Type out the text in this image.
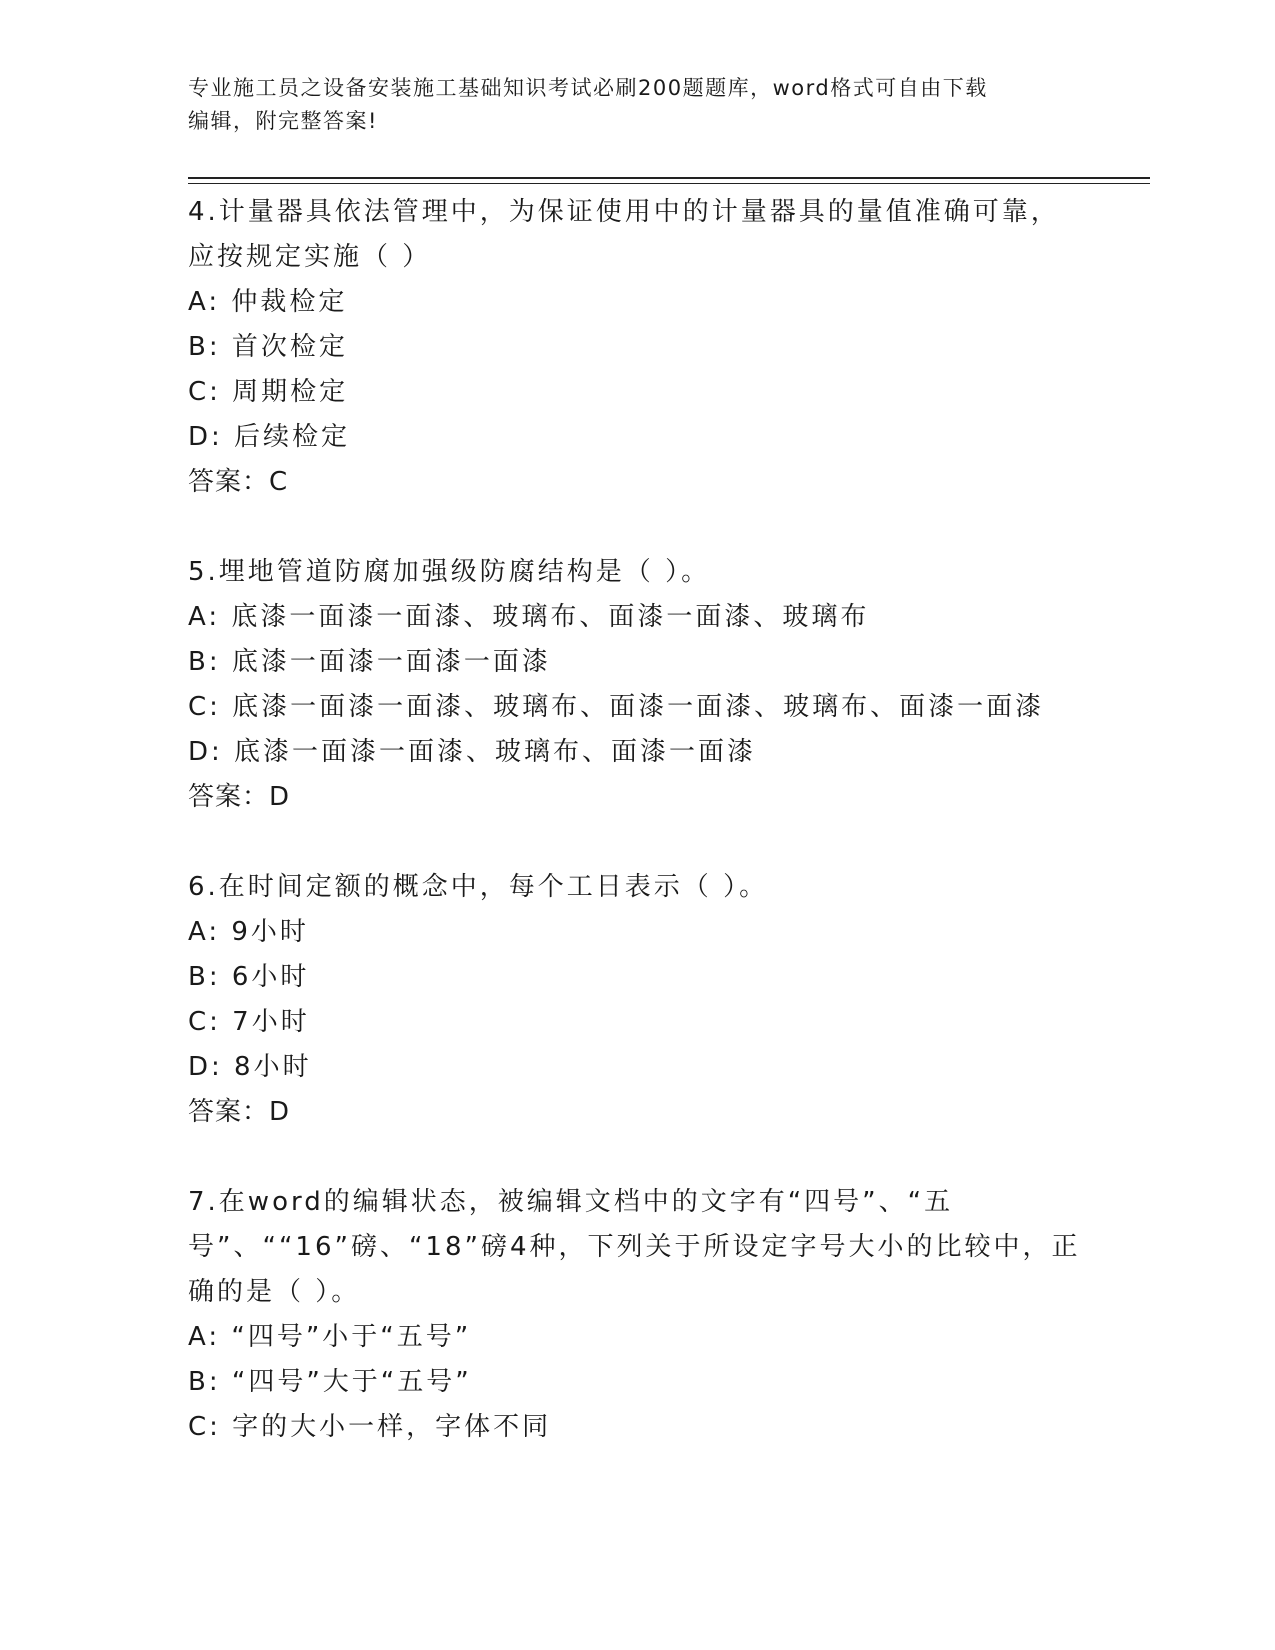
专业施工员之设备安装施工基础知识考试必刷200题题库，word格式可自由下载
编辑，附完整答案!
4.计量器具依法管理中，为保证使用中的计量器具的量值准确可靠，应按规定实施（ ）
A: 仲裁检定
B: 首次检定
C: 周期检定
D: 后续检定
答案：C
5.埋地管道防腐加强级防腐结构是（ ）。
A: 底漆一面漆一面漆、玻璃布、面漆一面漆、玻璃布
B: 底漆一面漆一面漆一面漆
C: 底漆一面漆一面漆、玻璃布、面漆一面漆、玻璃布、面漆一面漆
D: 底漆一面漆一面漆、玻璃布、面漆一面漆
答案：D
6.在时间定额的概念中，每个工日表示（ ）。
A: 9小时
B: 6小时
C: 7小时
D: 8小时
答案：D
7.在word的编辑状态，被编辑文档中的文字有“四号”、“五号”、““16”磅、“18”磅4种，下列关于所设定字号大小的比较中，正确的是（ ）。
A: “四号”小于“五号”
B: “四号”大于“五号”
C: 字的大小一样，字体不同
